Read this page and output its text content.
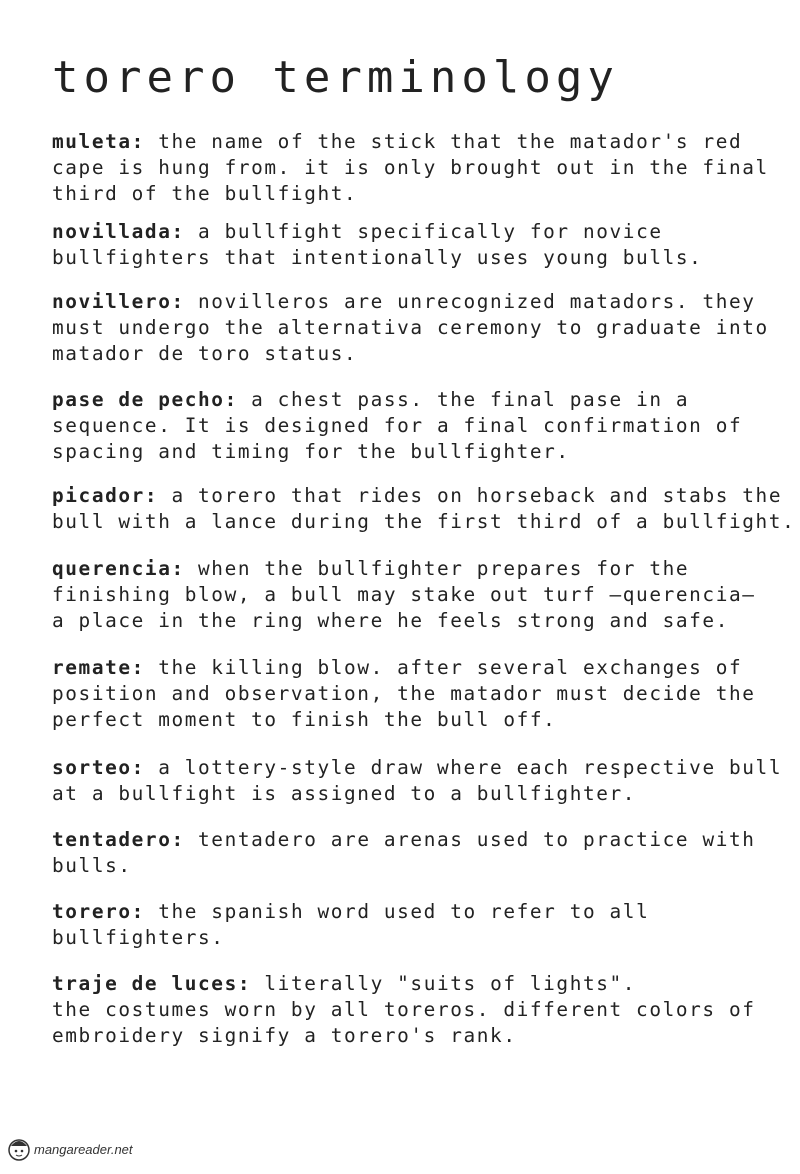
torero terminology

muleta: the name of the stick that the matador's red
cape is hung from. it is only brought out in the final
third of the bullfight.

novillada: a bullfight specifically for novice
bullfighters that intentionally uses young bulls.

novillero: novilleros are unrecognized matadors. they
must undergo the alternativa ceremony to graduate into
matador de toro status.

pase de pecho: a chest pass. the final pase in a
sequence. It is designed for a final confirmation of
spacing and timing for the bullfighter.

picador: a torero that rides on horseback and stabs the
bull with a lance during the first third of a bullfight.

querencia: when the bullfighter prepares for the
finishing blow, a bull may stake out turf —querencia—
a place in the ring where he feels strong and safe.

remate: the killing blow. after several exchanges of
position and observation, the matador must decide the
perfect moment to finish the bull off.

sorteo: a lottery-style draw where each respective bull
at a bullfight is assigned to a bullfighter.

tentadero: tentadero are arenas used to practice with
bulls.

torero: the spanish word used to refer to all
bullfighters.

traje de luces: literally "suits of lights".
the costumes worn by all toreros. different colors of
embroidery signify a torero's rank.

mangareader.net
